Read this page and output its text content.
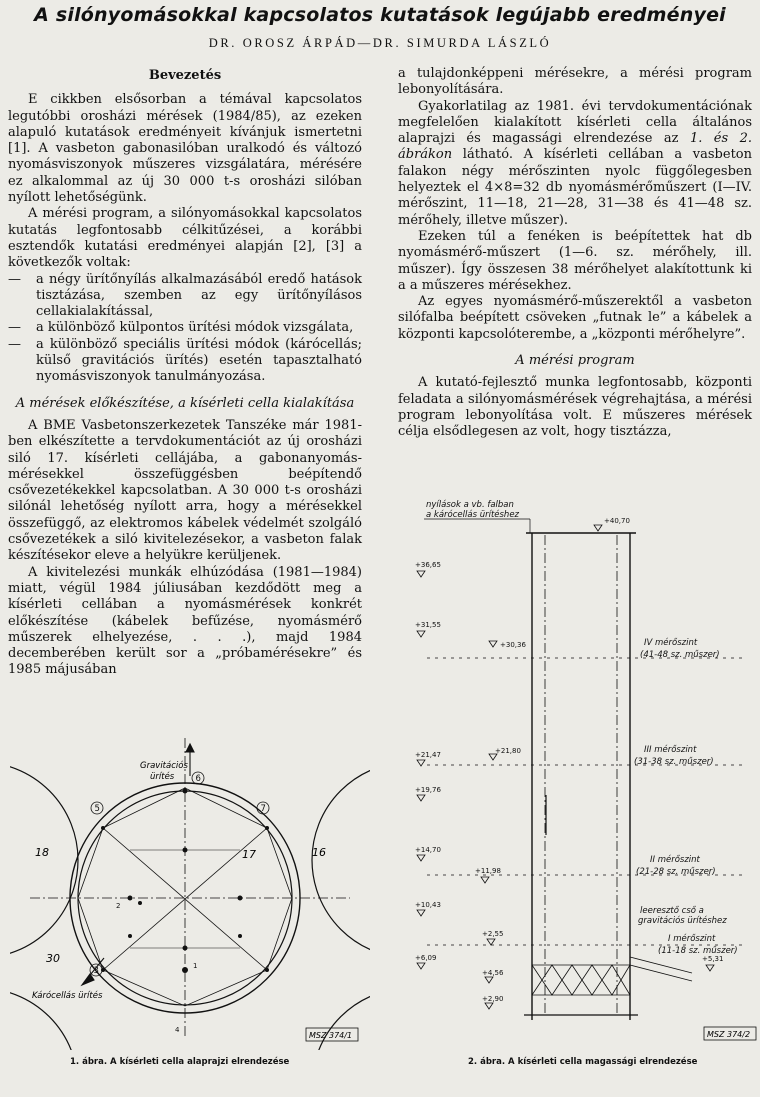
A silónyomásokkal kapcsolatos kutatások legújabb eredményei
DR. OROSZ ÁRPÁD—DR. SIMURDA LÁSZLÓ
Bevezetés

E cikkben elsősorban a témával kapcsolatos legutóbbi orosházi mérések (1984/85), az ezeken alapuló kutatások eredményeit kívánjuk ismertetni [1]. A vasbeton gabonasilóban uralkodó és változó nyomásviszonyok műszeres vizsgálatára, mérésére ez alkalommal az új 30 000 t-s orosházi silóban nyílott lehetőségünk.

A mérési program, a silónyomásokkal kapcsolatos kutatás legfontosabb célkitűzései, a korábbi esztendők kutatási eredményei alapján [2], [3] a következők voltak:

— a négy ürítőnyílás alkalmazásából eredő hatások tisztázása, szemben az egy ürítőnyílásos cellakialakítással,
— a különböző külpontos ürítési módok vizsgálata,
— a különböző speciális ürítési módok (kárócellás; külső gravitációs ürítés) esetén tapasztalható nyomásviszonyok tanulmányozása.
A mérések előkészítése, a kísérleti cella kialakítása

A BME Vasbetonszerkezetek Tanszéke már 1981-ben elkészítette a tervdokumentációt az új orosházi siló 17. kísérleti cellájába, a gabonanyomás-mérésekkel összefüggésben beépítendő csővezetékekkel kapcsolatban. A 30 000 t-s orosházi silónál lehetőség nyílott arra, hogy a mérésekkel összefüggő, az elektromos kábelek védelmét szolgáló csővezetékek a siló kivitelezésekor, a vasbeton falak készítésekor eleve a helyükre kerüljenek.

A kivitelezési munkák elhúzódása (1981—1984) miatt, végül 1984 júliusában kezdődött meg a kísérleti cellában a nyomásmérések konkrét előkészítése (kábelek befűzése, nyomásmérő műszerek elhelyezése, . . .), majd 1984 decemberében került sor a „próbamérésekre” és 1985 májusában

a tulajdonképpeni mérésekre, a mérési program lebonyolítására.

Gyakorlatilag az 1981. évi tervdokumentációnak megfelelően kialakított kísérleti cella általános alaprajzi és magassági elrendezése az 1. és 2. ábrákon látható. A kísérleti cellában a vasbeton falakon négy mérőszinten nyolc függőlegesben helyeztek el 4×8=32 db nyomásmérőműszert (I—IV. mérőszint, 11—18, 21—28, 31—38 és 41—48 sz. mérőhely, illetve műszer).

Ezeken túl a fenéken is beépítettek hat db nyomásmérő-műszert (1—6. sz. mérőhely, ill. műszer). Így összesen 38 mérőhelyet alakítottunk ki a a műszeres mérésekhez.

Az egyes nyomásmérő-műszerektől a vasbeton silófalba beépített csöveken „futnak le” a kábelek a központi kapcsolóterembe, a „központi mérőhelyre”.

A mérési program

A kutató-fejlesztő munka legfontosabb, központi feladata a silónyomásmérések végrehajtása, a mérési program lebonyolítása volt. E műszeres mérések célja elsődlegesen az volt, hogy tisztázza,

Gravitációs
ürítés
Kárócellás ürítés
18	17	16
30
5
6
7
3
2
1
4
MSZ 374/1
1. ábra. A kísérleti cella alaprajzi elrendezése
+40,70
+36,65
+31,55
+30,36
+21,80
+21,47
+19,76
+14,70
+11,98
+10,43
+2,55
+6,09
+4,56
+2,90
+5,31
nyílások a vb. falban
a kárócellás ürítéshez
IV mérőszint
(41-48 sz. műszer)
III mérőszint
(31-38 sz. műszer)
II mérőszint
(21-28 sz. műszer)
leeresztő cső a
gravitációs ürítéshez
I mérőszint
(11-18 sz. műszer)
MSZ 374/2
2. ábra. A kísérleti cella magassági elrendezése
